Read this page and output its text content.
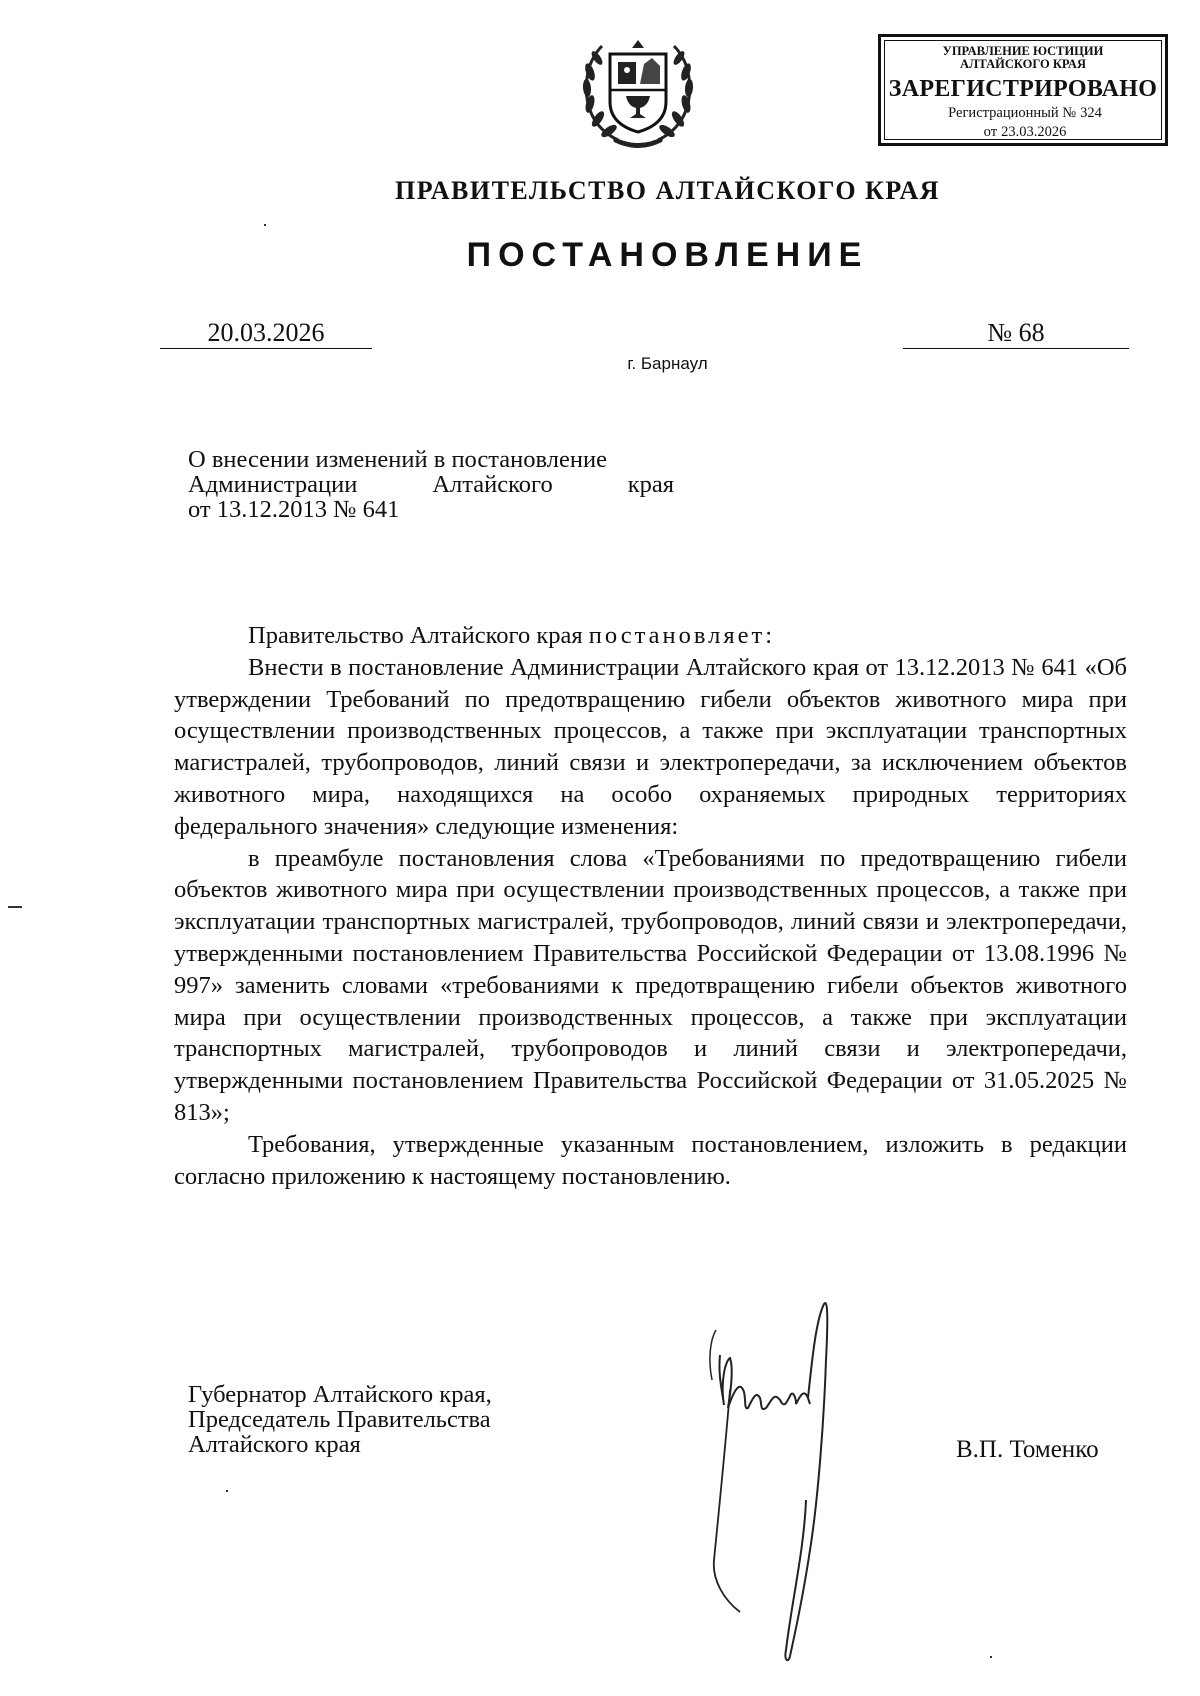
УПРАВЛЕНИЕ ЮСТИЦИИ
АЛТАЙСКОГО КРАЯ
ЗАРЕГИСТРИРОВАНО
Регистрационный № 324
от 23.03.2026
ПРАВИТЕЛЬСТВО АЛТАЙСКОГО КРАЯ
ПОСТАНОВЛЕНИЕ
20.03.2026	№ 68
г. Барнаул
О внесении изменений в постановление
Администрации Алтайского края
от 13.12.2013 № 641

Правительство Алтайского края постановляет:

Внести в постановление Администрации Алтайского края от 13.12.2013 № 641 «Об утверждении Требований по предотвращению гибели объектов животного мира при осуществлении производственных процессов, а также при эксплуатации транспортных магистралей, трубопроводов, линий связи и электропередачи, за исключением объектов животного мира, находящихся на особо охраняемых природных территориях федерального значения» следующие изменения:

в преамбуле постановления слова «Требованиями по предотвращению гибели объектов животного мира при осуществлении производственных процессов, а также при эксплуатации транспортных магистралей, трубопроводов, линий связи и электропередачи, утвержденными постановлением Правительства Российской Федерации от 13.08.1996 № 997» заменить словами «требованиями к предотвращению гибели объектов животного мира при осуществлении производственных процессов, а также при эксплуатации транспортных магистралей, трубопроводов и линий связи и электропередачи, утвержденными постановлением Правительства Российской Федерации от 31.05.2025 № 813»;

Требования, утвержденные указанным постановлением, изложить в редакции согласно приложению к настоящему постановлению.

Губернатор Алтайского края,
Председатель Правительства
Алтайского края	В.П. Томенко
